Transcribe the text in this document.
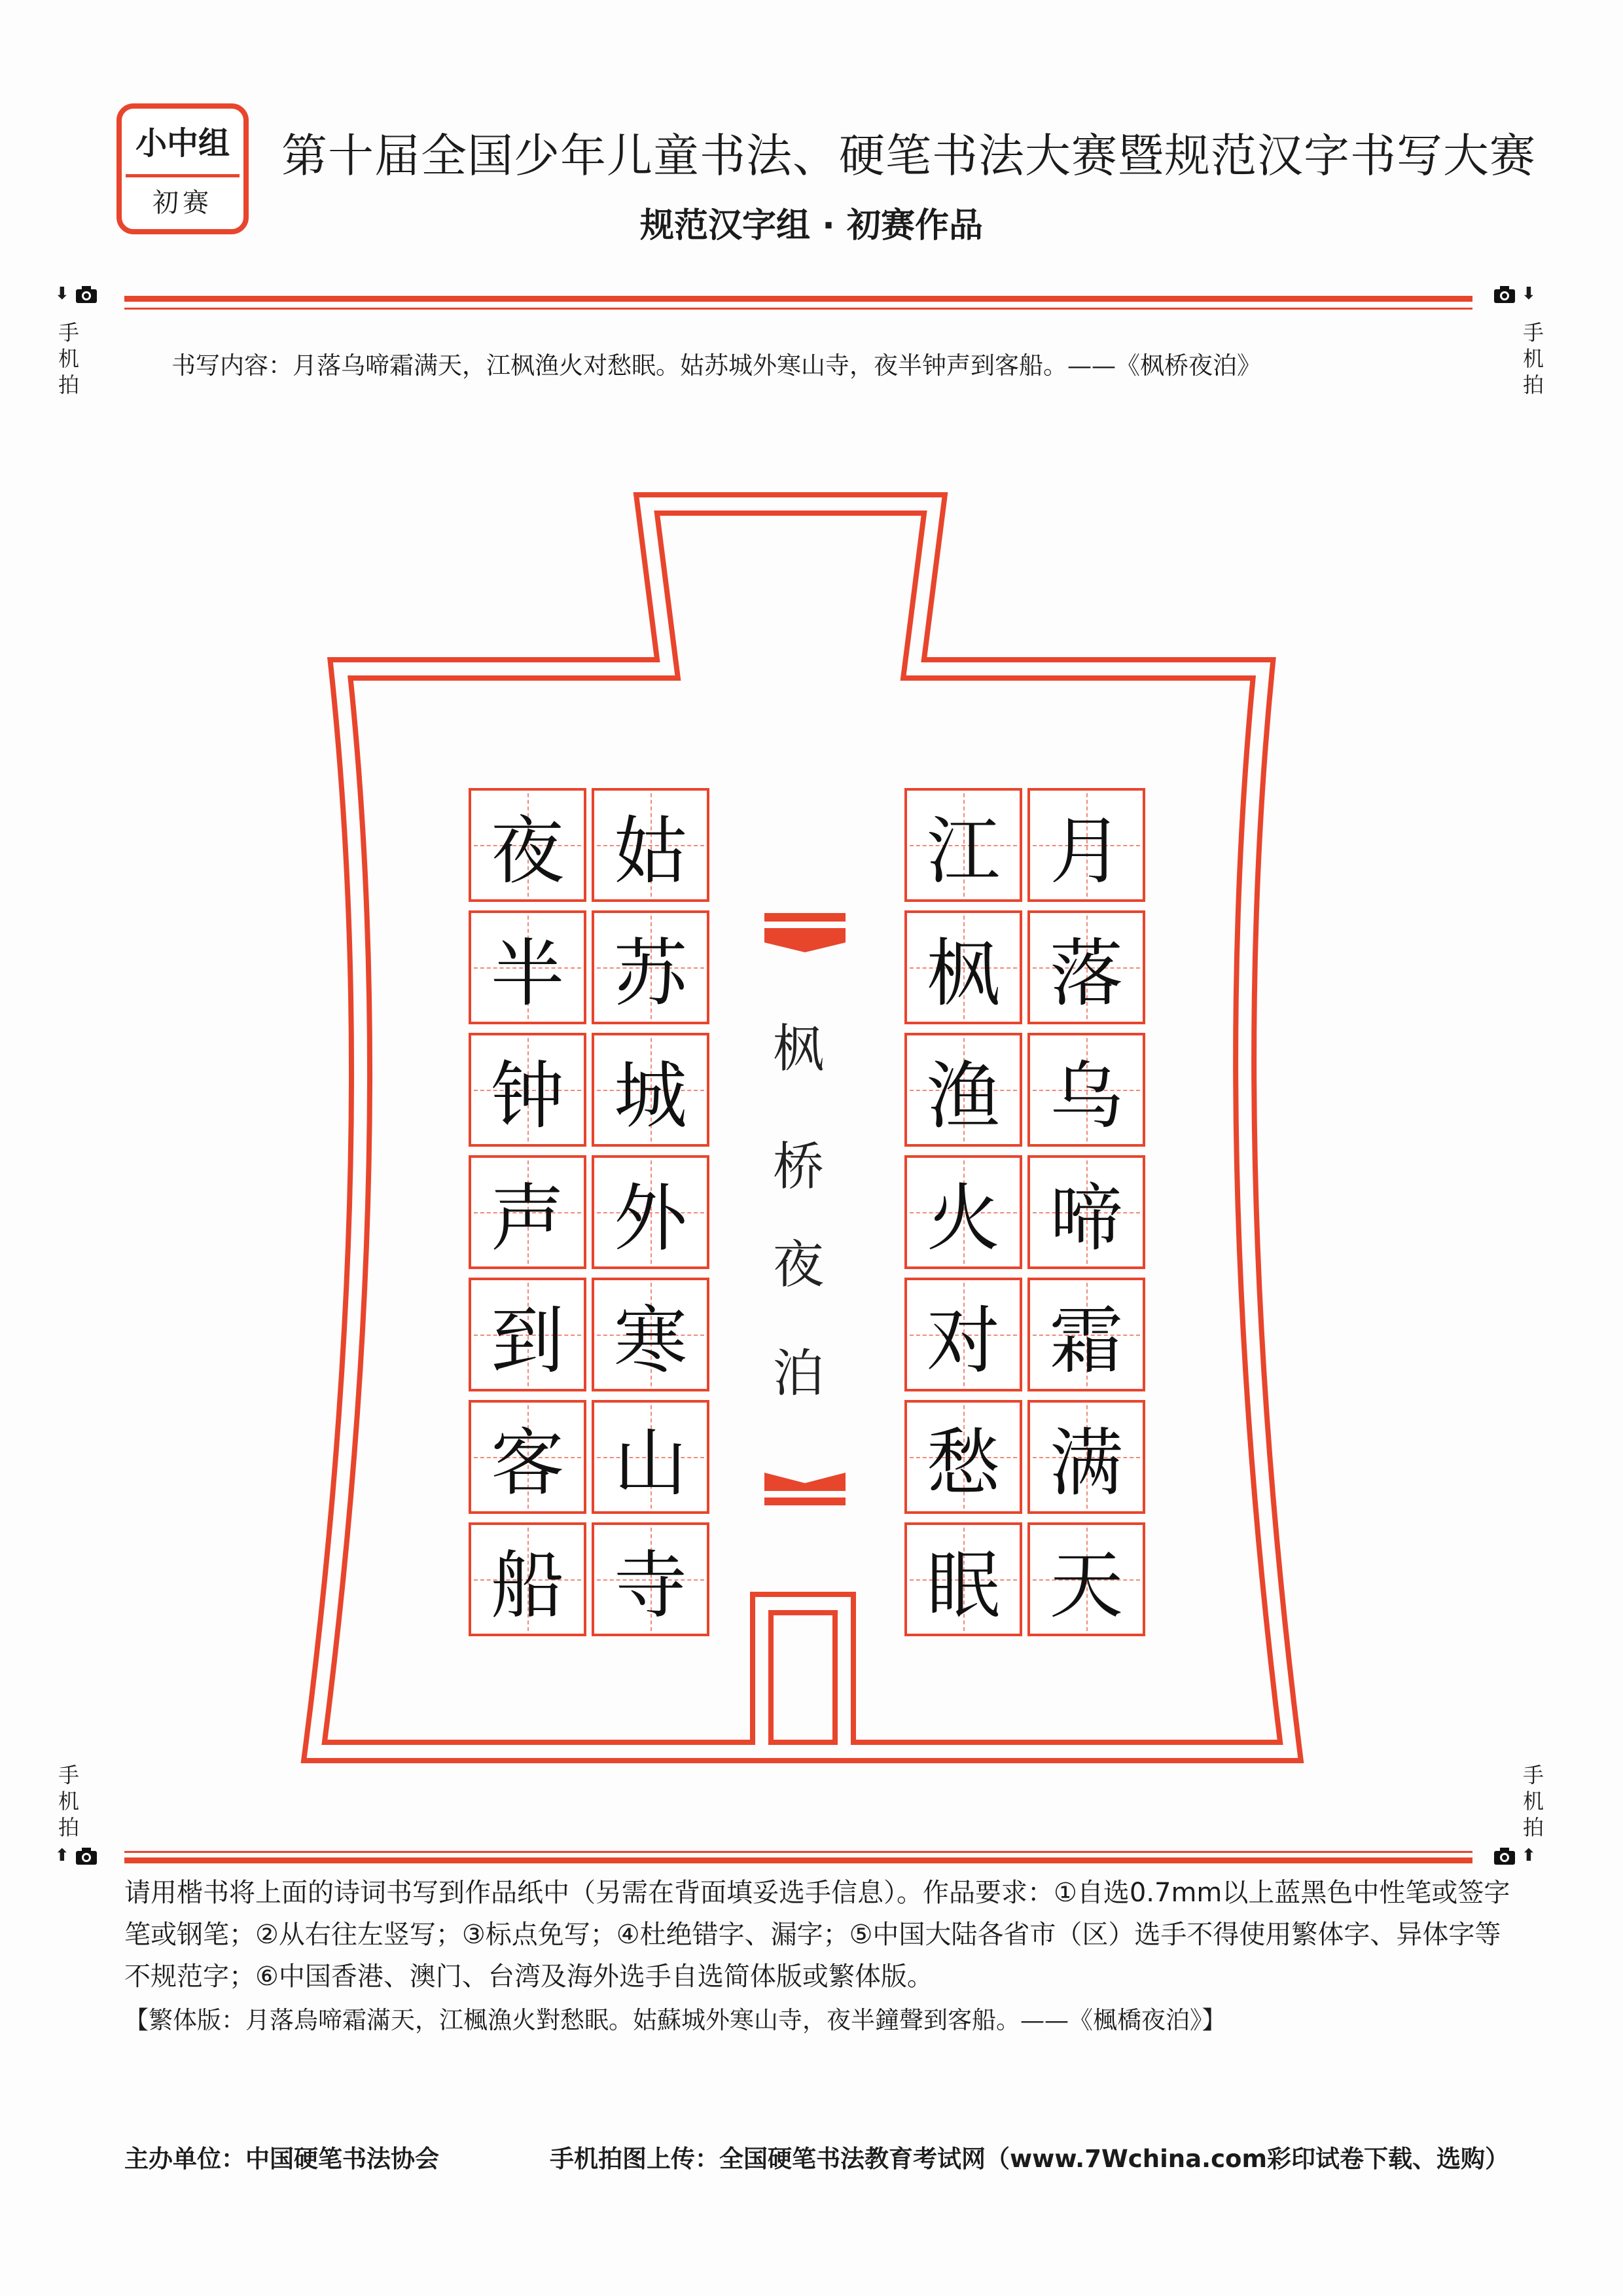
小中组
初赛
第十届全国少年儿童书法、硬笔书法大赛暨规范汉字书写大赛
规范汉字组 · 初赛作品
⬇
手
机
拍
⬇
手
机
拍
书写内容：月落乌啼霜满天，江枫渔火对愁眠。姑苏城外寒山寺，夜半钟声到客船。——《枫桥夜泊》
夜
半
钟
声
到
客
船
姑
苏
城
外
寒
山
寺
江
枫
渔
火
对
愁
眠
月
落
乌
啼
霜
满
天
枫
桥
夜
泊
手
机
拍
⬆
手
机
拍
⬆
请用楷书将上面的诗词书写到作品纸中（另需在背面填妥选手信息）。作品要求：①自选0.7mm以上蓝黑色中性笔或签字笔或钢笔；②从右往左竖写；③标点免写；④杜绝错字、漏字；⑤中国大陆各省市（区）选手不得使用繁体字、异体字等不规范字；⑥中国香港、澳门、台湾及海外选手自选简体版或繁体版。
【繁体版：月落烏啼霜滿天，江楓漁火對愁眠。姑蘇城外寒山寺，夜半鐘聲到客船。——《楓橋夜泊》】
主办单位：中国硬笔书法协会	手机拍图上传：全国硬笔书法教育考试网（www.7Wchina.com彩印试卷下载、选购）
